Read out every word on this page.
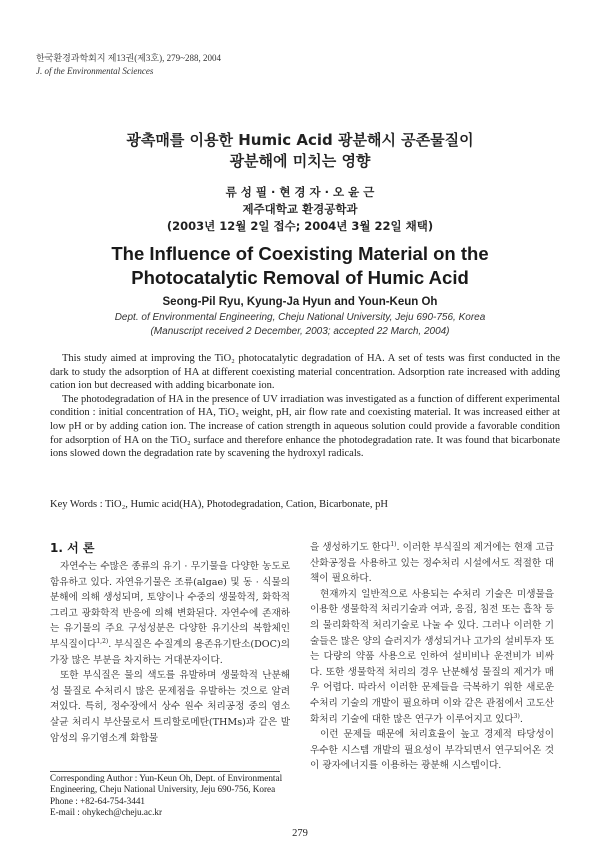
한국환경과학회지 제13권(제3호), 279~288, 2004
J. of the Environmental Sciences
광촉매를 이용한 Humic Acid 광분해시 공존물질이
광분해에 미치는 영향
류 성 필 · 현 경 자 · 오 윤 근
제주대학교 환경공학과
(2003년 12월 2일 접수; 2004년 3월 22일 채택)
The Influence of Coexisting Material on the
Photocatalytic Removal of Humic Acid
Seong-Pil Ryu, Kyung-Ja Hyun and Youn-Keun Oh
Dept. of Environmental Engineering, Cheju National University, Jeju 690-756, Korea
(Manuscript received 2 December, 2003; accepted 22 March, 2004)

This study aimed at improving the TiO₂ photocatalytic degradation of HA. A set of tests was first conducted in the dark to study the adsorption of HA at different coexisting material concentration. Adsorption rate increased with adding cation ion but decreased with adding bicarbonate ion.

The photodegradation of HA in the presence of UV irradiation was investigated as a function of different experimental condition : initial concentration of HA, TiO₂ weight, pH, air flow rate and coexisting material. It was increased either at low pH or by adding cation ion. The increase of cation strength in aqueous solution could provide a favorable condition for adsorption of HA on the TiO₂ surface and therefore enhance the photodegradation rate. It was found that bicarbonate ions slowed down the degradation rate by scavening the hydroxyl radicals.

Key Words : TiO₂, Humic acid(HA), Photodegradation, Cation, Bicarbonate, pH
1. 서 론

자연수는 수많은 종류의 유기 · 무기물을 다양한 농도로 함유하고 있다. 자연유기물은 조류(algae) 및 동 · 식물의 분해에 의해 생성되며, 토양이나 수중의 생물학적, 화학적 그리고 광화학적 반응에 의해 변화된다. 자연수에 존재하는 유기물의 주요 구성성분은 다양한 유기산의 복합체인 부식질이다$^{1,2)}$. 부식질은 수질계의 용존유기탄소(DOC)의 가장 많은 부분을 차지하는 거대분자이다.

또한 부식질은 물의 색도를 유발하며 생물학적 난분해성 물질로 수처리시 많은 문제점을 유발하는 것으로 알려져있다. 특히, 정수장에서 상수 원수 처리공정 중의 염소 살균 처리시 부산물로서 트리할로메탄(THMs)과 같은 발암성의 유기염소계 화합물

을 생성하기도 한다$^{1)}$. 이러한 부식질의 제거에는 현재 고급산화공정을 사용하고 있는 정수처리 시설에서도 적절한 대책이 필요하다.

현재까지 일반적으로 사용되는 수처리 기술은 미생물을 이용한 생물학적 처리기술과 여과, 응집, 침전 또는 흡착 등의 물리화학적 처리기술로 나눌 수 있다. 그러나 이러한 기술들은 많은 양의 슬러지가 생성되거나 고가의 설비투자 또는 다량의 약품 사용으로 인하여 설비비나 운전비가 비싸다. 또한 생물학적 처리의 경우 난분해성 물질의 제거가 매우 어렵다. 따라서 이러한 문제들을 극복하기 위한 새로운 수처리 기술의 개발이 필요하며 이와 같은 관점에서 고도산화처리 기술에 대한 많은 연구가 이루어지고 있다$^{3)}$.

이런 문제들 때문에 처리효율이 높고 경제적 타당성이 우수한 시스템 개발의 필요성이 부각되면서 연구되어온 것이 광자에너지를 이용하는 광분해 시스템이다.

Corresponding Author : Yun-Keun Oh, Dept. of Environmental Engineering, Cheju National University, Jeju 690-756, Korea
Phone : +82-64-754-3441
E-mail : ohykech@cheju.ac.kr
279
